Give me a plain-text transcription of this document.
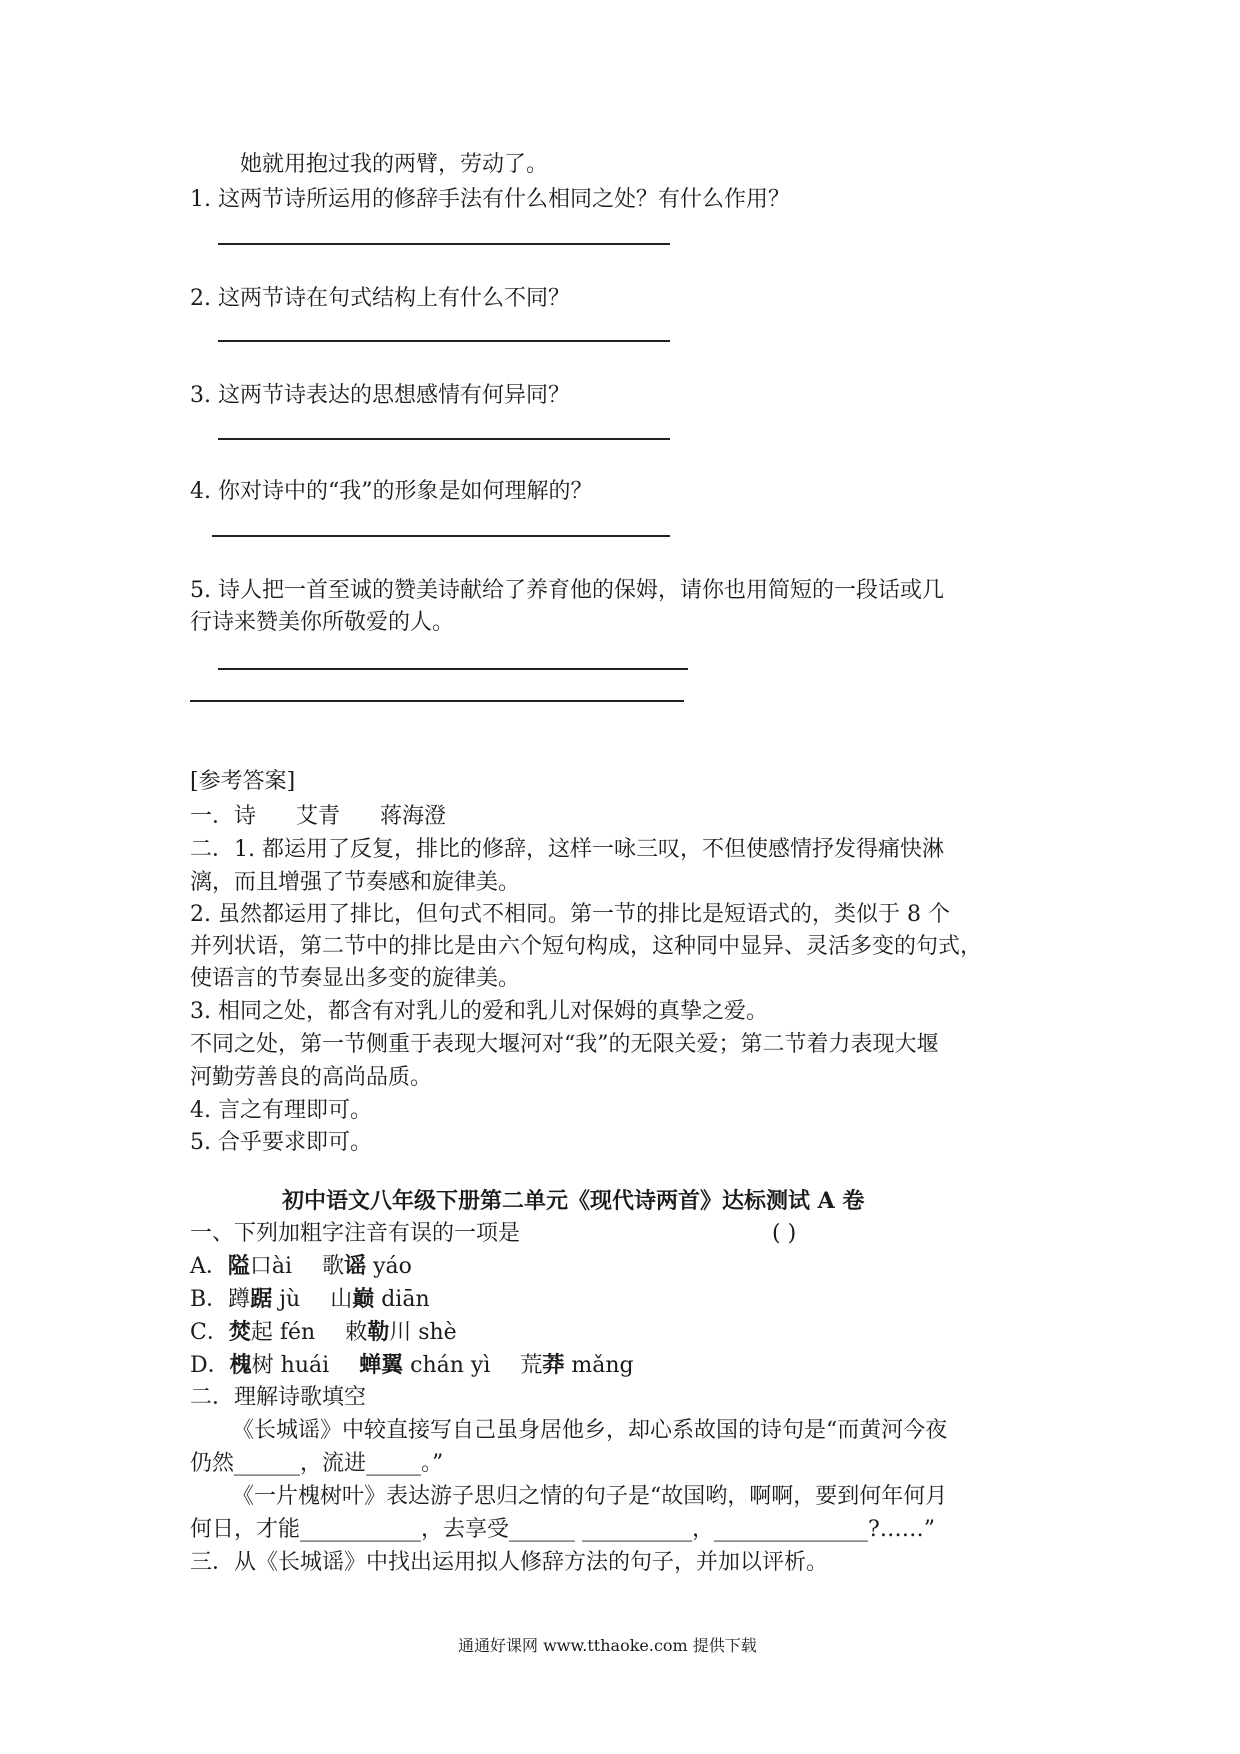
她就用抱过我的两臂，劳动了。
1. 这两节诗所运用的修辞手法有什么相同之处？有什么作用？
2. 这两节诗在句式结构上有什么不同？
3. 这两节诗表达的思想感情有何异同？
4. 你对诗中的“我”的形象是如何理解的？
5. 诗人把一首至诚的赞美诗献给了养育他的保姆，请你也用简短的一段话或几
行诗来赞美你所敬爱的人。
[参考答案]
一．诗 艾青 蒋海澄
二．1. 都运用了反复，排比的修辞，这样一咏三叹，不但使感情抒发得痛快淋
漓，而且增强了节奏感和旋律美。
2. 虽然都运用了排比，但句式不相同。第一节的排比是短语式的，类似于 8 个
并列状语，第二节中的排比是由六个短句构成，这种同中显异、灵活多变的句式，
使语言的节奏显出多变的旋律美。
3. 相同之处，都含有对乳儿的爱和乳儿对保姆的真挚之爱。
不同之处，第一节侧重于表现大堰河对“我”的无限关爱；第二节着力表现大堰
河勤劳善良的高尚品质。
4. 言之有理即可。
5. 合乎要求即可。
初中语文八年级下册第二单元《现代诗两首》达标测试 A 卷
一、下列加粗字注音有误的一项是	( )
A．隘口ài 歌谣 yáo
B．蹲踞 jù 山巅 diān
C．焚起 fén 敕勒川 shè
D．槐树 huái 蝉翼 chán yì 荒莽 mǎng
二．理解诗歌填空
《长城谣》中较直接写自己虽身居他乡，却心系故国的诗句是“而黄河今夜
仍然______，流进_____。”
《一片槐树叶》表达游子思归之情的句子是“故国哟，啊啊，要到何年何月
何日，才能___________，去享受______ __________，______________?……”
三．从《长城谣》中找出运用拟人修辞方法的句子，并加以评析。
通通好课网 www.tthaoke.com 提供下载
